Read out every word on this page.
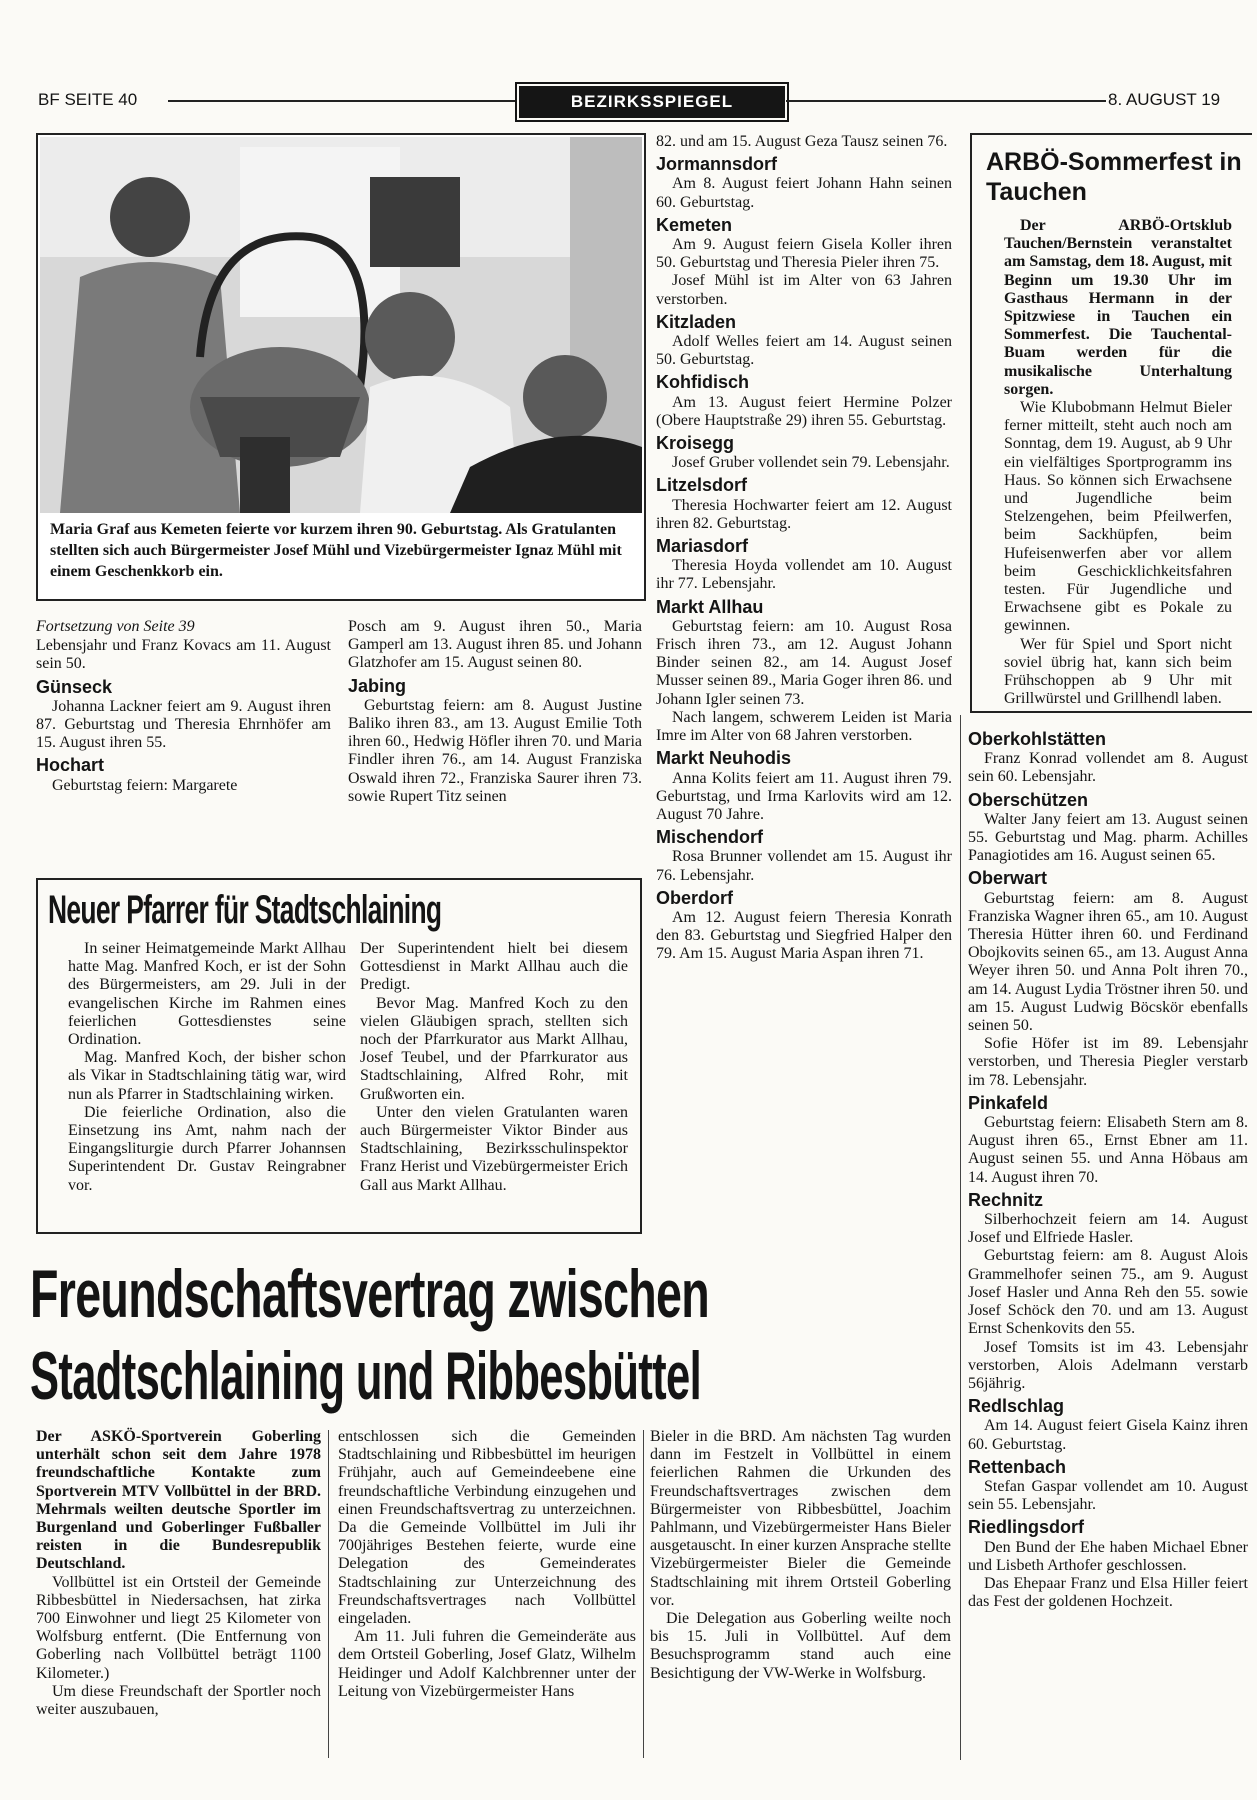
BF SEITE 40	BEZIRKSSPIEGEL	8. AUGUST 19
Maria Graf aus Kemeten feierte vor kurzem ihren 90. Geburtstag. Als Gratulanten stellten sich auch Bürgermeister Josef Mühl und Vizebürgermeister Ignaz Mühl mit einem Geschenkkorb ein.

Fortsetzung von Seite 39

Lebensjahr und Franz Kovacs am 11. August sein 50.

Günseck

Johanna Lackner feiert am 9. August ihren 87. Geburtstag und Theresia Ehrnhöfer am 15. August ihren 55.

Hochart

Geburtstag feiern: Margarete

Posch am 9. August ihren 50., Maria Gamperl am 13. August ihren 85. und Johann Glatzhofer am 15. August seinen 80.

Jabing

Geburtstag feiern: am 8. August Justine Baliko ihren 83., am 13. August Emilie Toth ihren 60., Hedwig Höfler ihren 70. und Maria Findler ihren 76., am 14. August Franziska Oswald ihren 72., Franziska Saurer ihren 73. sowie Rupert Titz seinen

Neuer Pfarrer für Stadtschlaining

In seiner Heimatgemeinde Markt Allhau hatte Mag. Manfred Koch, er ist der Sohn des Bürgermeisters, am 29. Juli in der evangelischen Kirche im Rahmen eines feierlichen Gottesdienstes seine Ordination.

Mag. Manfred Koch, der bisher schon als Vikar in Stadtschlaining tätig war, wird nun als Pfarrer in Stadtschlaining wirken.

Die feierliche Ordination, also die Einsetzung ins Amt, nahm nach der Eingangsliturgie durch Pfarrer Johannsen Superintendent Dr. Gustav Reingrabner vor.

Der Superintendent hielt bei diesem Gottesdienst in Markt Allhau auch die Predigt.

Bevor Mag. Manfred Koch zu den vielen Gläubigen sprach, stellten sich noch der Pfarrkurator aus Markt Allhau, Josef Teubel, und der Pfarrkurator aus Stadtschlaining, Alfred Rohr, mit Grußworten ein.

Unter den vielen Gratulanten waren auch Bürgermeister Viktor Binder aus Stadtschlaining, Bezirksschulinspektor Franz Herist und Vizebürgermeister Erich Gall aus Markt Allhau.

82. und am 15. August Geza Tausz seinen 76.

Jormannsdorf

Am 8. August feiert Johann Hahn seinen 60. Geburtstag.

Kemeten

Am 9. August feiern Gisela Koller ihren 50. Geburtstag und Theresia Pieler ihren 75.

Josef Mühl ist im Alter von 63 Jahren verstorben.

Kitzladen

Adolf Welles feiert am 14. August seinen 50. Geburtstag.

Kohfidisch

Am 13. August feiert Hermine Polzer (Obere Hauptstraße 29) ihren 55. Geburtstag.

Kroisegg

Josef Gruber vollendet sein 79. Lebensjahr.

Litzelsdorf

Theresia Hochwarter feiert am 12. August ihren 82. Geburtstag.

Mariasdorf

Theresia Hoyda vollendet am 10. August ihr 77. Lebensjahr.

Markt Allhau

Geburtstag feiern: am 10. August Rosa Frisch ihren 73., am 12. August Johann Binder seinen 82., am 14. August Josef Musser seinen 89., Maria Goger ihren 86. und Johann Igler seinen 73.

Nach langem, schwerem Leiden ist Maria Imre im Alter von 68 Jahren verstorben.

Markt Neuhodis

Anna Kolits feiert am 11. August ihren 79. Geburtstag, und Irma Karlovits wird am 12. August 70 Jahre.

Mischendorf

Rosa Brunner vollendet am 15. August ihr 76. Lebensjahr.

Oberdorf

Am 12. August feiern Theresia Konrath den 83. Geburtstag und Siegfried Halper den 79. Am 15. August Maria Aspan ihren 71.

ARBÖ-Sommerfest in Tauchen

Der ARBÖ-Ortsklub Tauchen/Bernstein veranstaltet am Samstag, dem 18. August, mit Beginn um 19.30 Uhr im Gasthaus Hermann in der Spitzwiese in Tauchen ein Sommerfest. Die Tauchental-Buam werden für die musikalische Unterhaltung sorgen.

Wie Klubobmann Helmut Bieler ferner mitteilt, steht auch noch am Sonntag, dem 19. August, ab 9 Uhr ein vielfältiges Sportprogramm ins Haus. So können sich Erwachsene und Jugendliche beim Stelzengehen, beim Pfeilwerfen, beim Sackhüpfen, beim Hufeisenwerfen aber vor allem beim Geschicklichkeitsfahren testen. Für Jugendliche und Erwachsene gibt es Pokale zu gewinnen.

Wer für Spiel und Sport nicht soviel übrig hat, kann sich beim Frühschoppen ab 9 Uhr mit Grillwürstel und Grillhendl laben.

Oberkohlstätten

Franz Konrad vollendet am 8. August sein 60. Lebensjahr.

Oberschützen

Walter Jany feiert am 13. August seinen 55. Geburtstag und Mag. pharm. Achilles Panagiotides am 16. August seinen 65.

Oberwart

Geburtstag feiern: am 8. August Franziska Wagner ihren 65., am 10. August Theresia Hütter ihren 60. und Ferdinand Obojkovits seinen 65., am 13. August Anna Weyer ihren 50. und Anna Polt ihren 70., am 14. August Lydia Tröstner ihren 50. und am 15. August Ludwig Böcskör ebenfalls seinen 50.

Sofie Höfer ist im 89. Lebensjahr verstorben, und Theresia Piegler verstarb im 78. Lebensjahr.

Pinkafeld

Geburtstag feiern: Elisabeth Stern am 8. August ihren 65., Ernst Ebner am 11. August seinen 55. und Anna Höbaus am 14. August ihren 70.

Rechnitz

Silberhochzeit feiern am 14. August Josef und Elfriede Hasler.

Geburtstag feiern: am 8. August Alois Grammelhofer seinen 75., am 9. August Josef Hasler und Anna Reh den 55. sowie Josef Schöck den 70. und am 13. August Ernst Schenkovits den 55.

Josef Tomsits ist im 43. Lebensjahr verstorben, Alois Adelmann verstarb 56jährig.

Redlschlag

Am 14. August feiert Gisela Kainz ihren 60. Geburtstag.

Rettenbach

Stefan Gaspar vollendet am 10. August sein 55. Lebensjahr.

Riedlingsdorf

Den Bund der Ehe haben Michael Ebner und Lisbeth Arthofer geschlossen.

Das Ehepaar Franz und Elsa Hiller feiert das Fest der goldenen Hochzeit.

Freundschaftsvertrag zwischen
Stadtschlaining und Ribbesbüttel

Der ASKÖ-Sportverein Goberling unterhält schon seit dem Jahre 1978 freundschaftliche Kontakte zum Sportverein MTV Vollbüttel in der BRD. Mehrmals weilten deutsche Sportler im Burgenland und Goberlinger Fußballer reisten in die Bundesrepublik Deutschland.

Vollbüttel ist ein Ortsteil der Gemeinde Ribbesbüttel in Niedersachsen, hat zirka 700 Einwohner und liegt 25 Kilometer von Wolfsburg entfernt. (Die Entfernung von Goberling nach Vollbüttel beträgt 1100 Kilometer.)

Um diese Freundschaft der Sportler noch weiter auszubauen,

entschlossen sich die Gemeinden Stadtschlaining und Ribbesbüttel im heurigen Frühjahr, auch auf Gemeindeebene eine freundschaftliche Verbindung einzugehen und einen Freundschaftsvertrag zu unterzeichnen. Da die Gemeinde Vollbüttel im Juli ihr 700jähriges Bestehen feierte, wurde eine Delegation des Gemeinderates Stadtschlaining zur Unterzeichnung des Freundschaftsvertrages nach Vollbüttel eingeladen.

Am 11. Juli fuhren die Gemeinderäte aus dem Ortsteil Goberling, Josef Glatz, Wilhelm Heidinger und Adolf Kalchbrenner unter der Leitung von Vizebürgermeister Hans

Bieler in die BRD. Am nächsten Tag wurden dann im Festzelt in Vollbüttel in einem feierlichen Rahmen die Urkunden des Freundschaftsvertrages zwischen dem Bürgermeister von Ribbesbüttel, Joachim Pahlmann, und Vizebürgermeister Hans Bieler ausgetauscht. In einer kurzen Ansprache stellte Vizebürgermeister Bieler die Gemeinde Stadtschlaining mit ihrem Ortsteil Goberling vor.

Die Delegation aus Goberling weilte noch bis 15. Juli in Vollbüttel. Auf dem Besuchsprogramm stand auch eine Besichtigung der VW-Werke in Wolfsburg.
